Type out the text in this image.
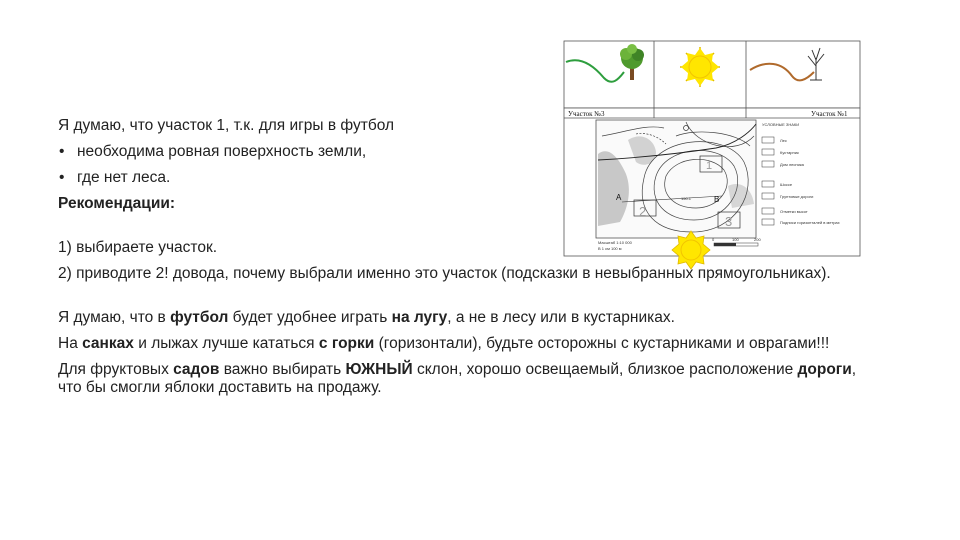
Участок №3	Участок №1
1
2
3
А	В
150.1
УСЛОВНЫЕ ЗНАКИ
Лес
Кустарник
Дом лесника
Шоссе
Грунтовые дороги
Отметки высот
Подписи горизонталей в метрах
Масштаб 1:10 000
В 1 см 100 м
0	100	200

Я думаю, что участок 1, т.к. для игры в футбол

• необходима ровная поверхность земли,

• где нет леса.

Рекомендации:

1) выбираете участок.

2) приводите 2! довода, почему выбрали именно это участок (подсказки в невыбранных прямоугольниках).

Я думаю, что в футбол будет удобнее играть на лугу, а не в лесу или в кустарниках.

На санках и лыжах лучше кататься с горки (горизонтали), будьте осторожны с кустарниками и оврагами!!!

Для фруктовых садов важно выбирать ЮЖНЫЙ склон, хорошо освещаемый, близкое расположение дороги, что бы смогли яблоки доставить на продажу.
